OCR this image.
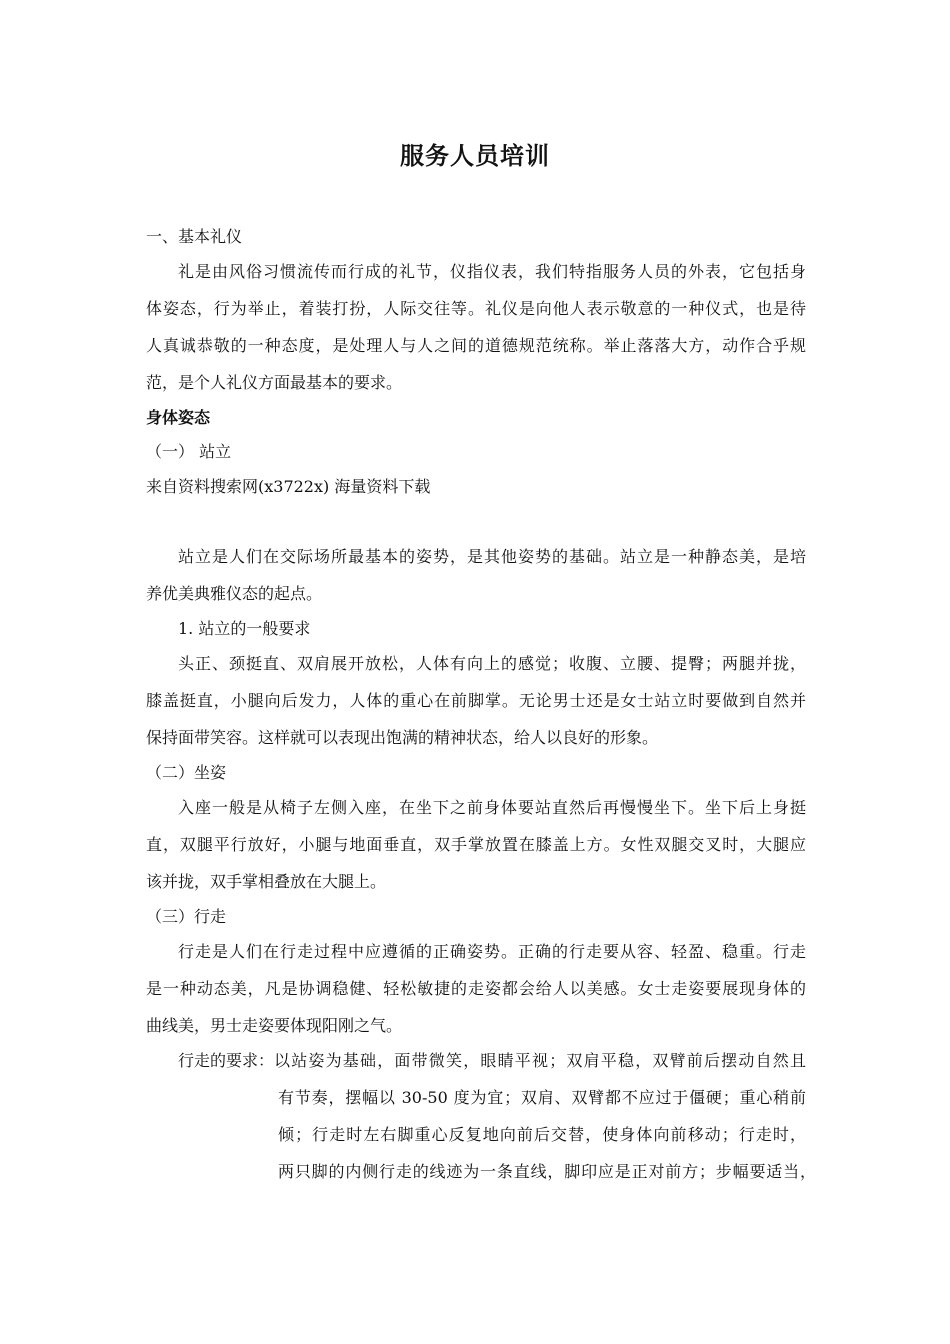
服务人员培训
一、基本礼仪
礼是由风俗习惯流传而行成的礼节，仪指仪表，我们特指服务人员的外表，它包括身
体姿态，行为举止，着装打扮，人际交往等。礼仪是向他人表示敬意的一种仪式，也是待
人真诚恭敬的一种态度，是处理人与人之间的道德规范统称。举止落落大方，动作合乎规
范，是个人礼仪方面最基本的要求。
身体姿态
（一） 站立
来自资料搜索网(x3722x) 海量资料下载
站立是人们在交际场所最基本的姿势，是其他姿势的基础。站立是一种静态美，是培
养优美典雅仪态的起点。
1. 站立的一般要求
头正、颈挺直、双肩展开放松，人体有向上的感觉；收腹、立腰、提臀；两腿并拢，
膝盖挺直，小腿向后发力，人体的重心在前脚掌。无论男士还是女士站立时要做到自然并
保持面带笑容。这样就可以表现出饱满的精神状态，给人以良好的形象。
（二）坐姿
入座一般是从椅子左侧入座，在坐下之前身体要站直然后再慢慢坐下。坐下后上身挺
直，双腿平行放好，小腿与地面垂直，双手掌放置在膝盖上方。女性双腿交叉时，大腿应
该并拢，双手掌相叠放在大腿上。
（三）行走
行走是人们在行走过程中应遵循的正确姿势。正确的行走要从容、轻盈、稳重。行走
是一种动态美，凡是协调稳健、轻松敏捷的走姿都会给人以美感。女士走姿要展现身体的
曲线美，男士走姿要体现阳刚之气。
行走的要求： 以站姿为基础，面带微笑，眼睛平视；双肩平稳，双臂前后摆动自然且
有节奏，摆幅以 30-50 度为宜；双肩、双臂都不应过于僵硬；重心稍前
倾；行走时左右脚重心反复地向前后交替，使身体向前移动；行走时，
两只脚的内侧行走的线迹为一条直线，脚印应是正对前方；步幅要适当，
